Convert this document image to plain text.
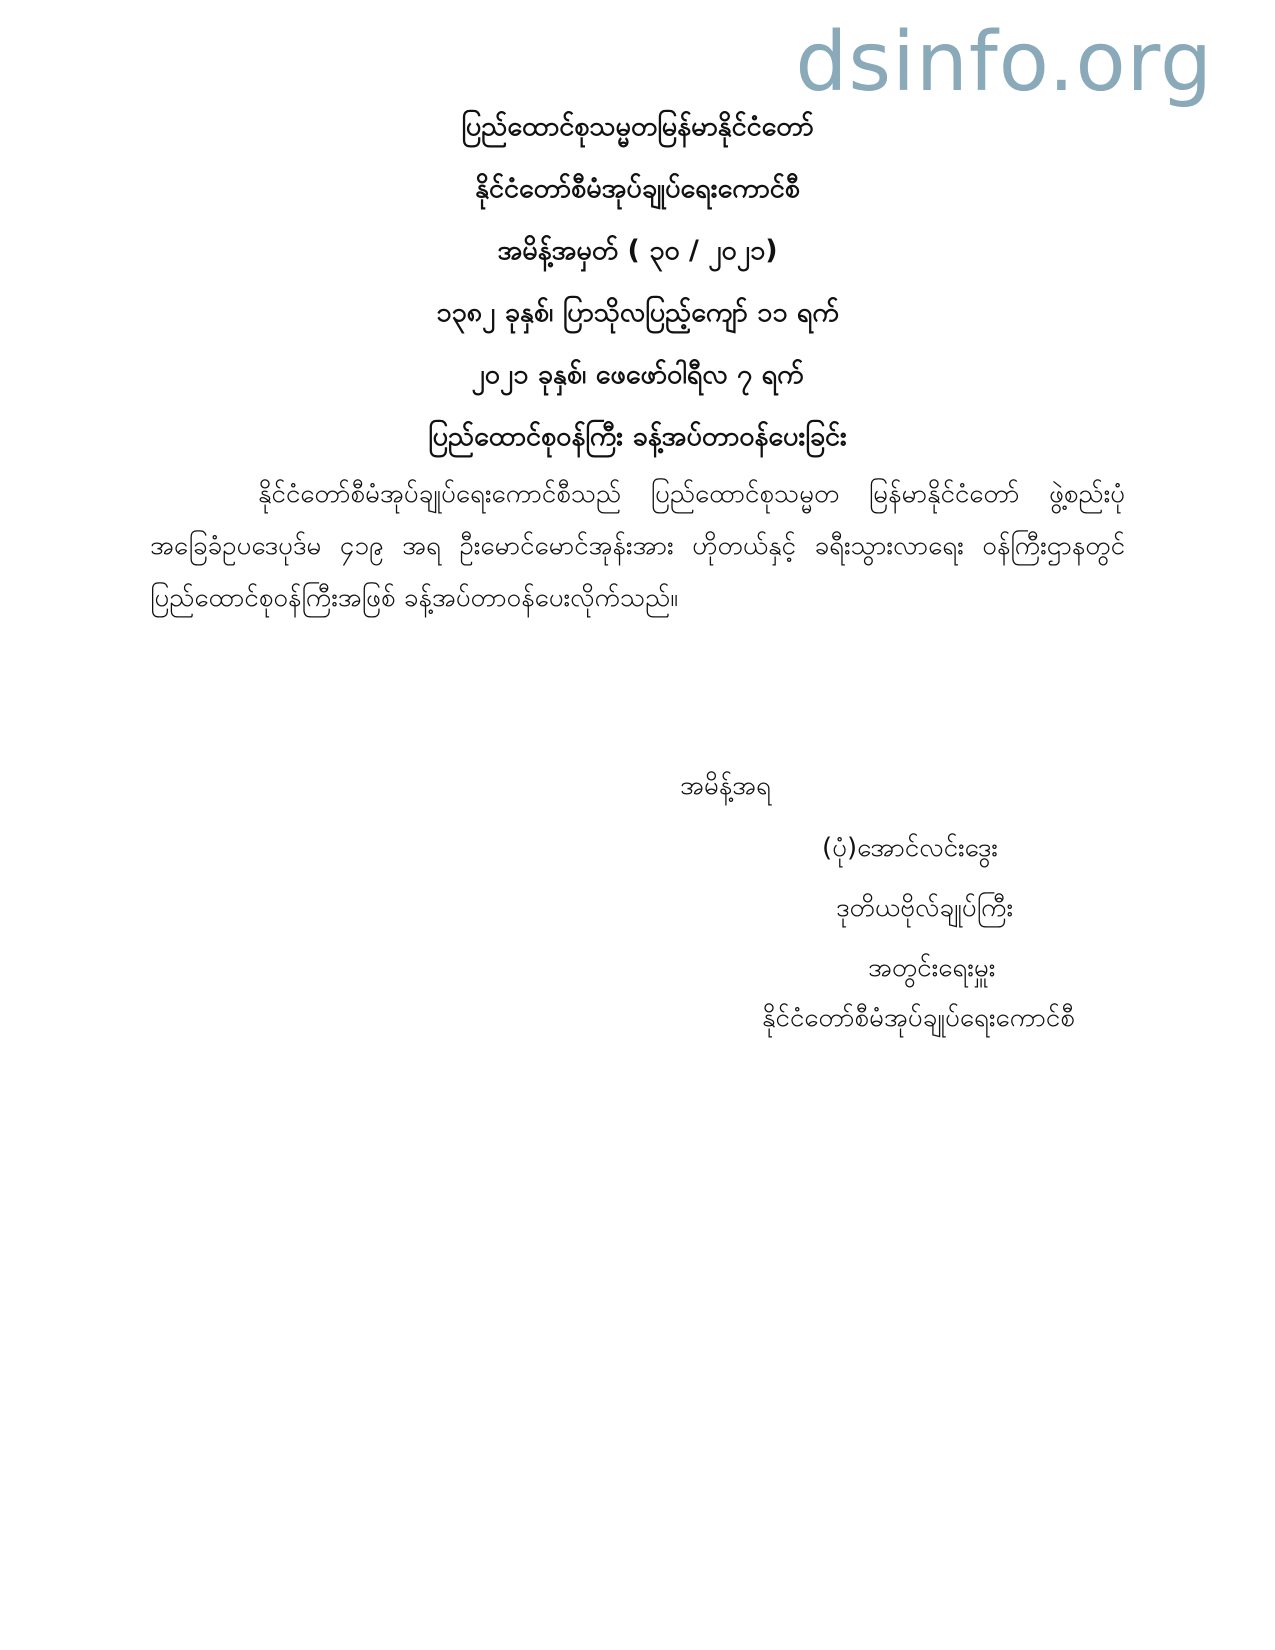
dsinfo.org
ပြည်ထောင်စုသမ္မတမြန်မာနိုင်ငံတော်
နိုင်ငံတော်စီမံအုပ်ချုပ်ရေးကောင်စီ
အမိန့်အမှတ် ( ၃၀ / ၂၀၂၁)
၁၃၈၂ ခုနှစ်၊ ပြာသိုလပြည့်ကျော် ၁၁ ရက်
၂၀၂၁ ခုနှစ်၊ ဖေဖော်ဝါရီလ ၇ ရက်
ပြည်ထောင်စုဝန်ကြီး ခန့်အပ်တာဝန်ပေးခြင်း
နိုင်ငံတော်စီမံအုပ်ချုပ်ရေးကောင်စီသည် ပြည်ထောင်စုသမ္မတ မြန်မာနိုင်ငံတော် ဖွဲ့စည်းပုံအခြေခံဥပဒေပုဒ်မ ၄၁၉ အရ ဦးမောင်မောင်အုန်းအား ဟိုတယ်နှင့် ခရီးသွားလာရေး ဝန်ကြီးဌာနတွင် ပြည်ထောင်စုဝန်ကြီးအဖြစ် ခန့်အပ်တာဝန်ပေးလိုက်သည်။
အမိန့်အရ
(ပုံ)အောင်လင်းဒွေး
ဒုတိယဗိုလ်ချုပ်ကြီး
အတွင်းရေးမှူး
နိုင်ငံတော်စီမံအုပ်ချုပ်ရေးကောင်စီ
